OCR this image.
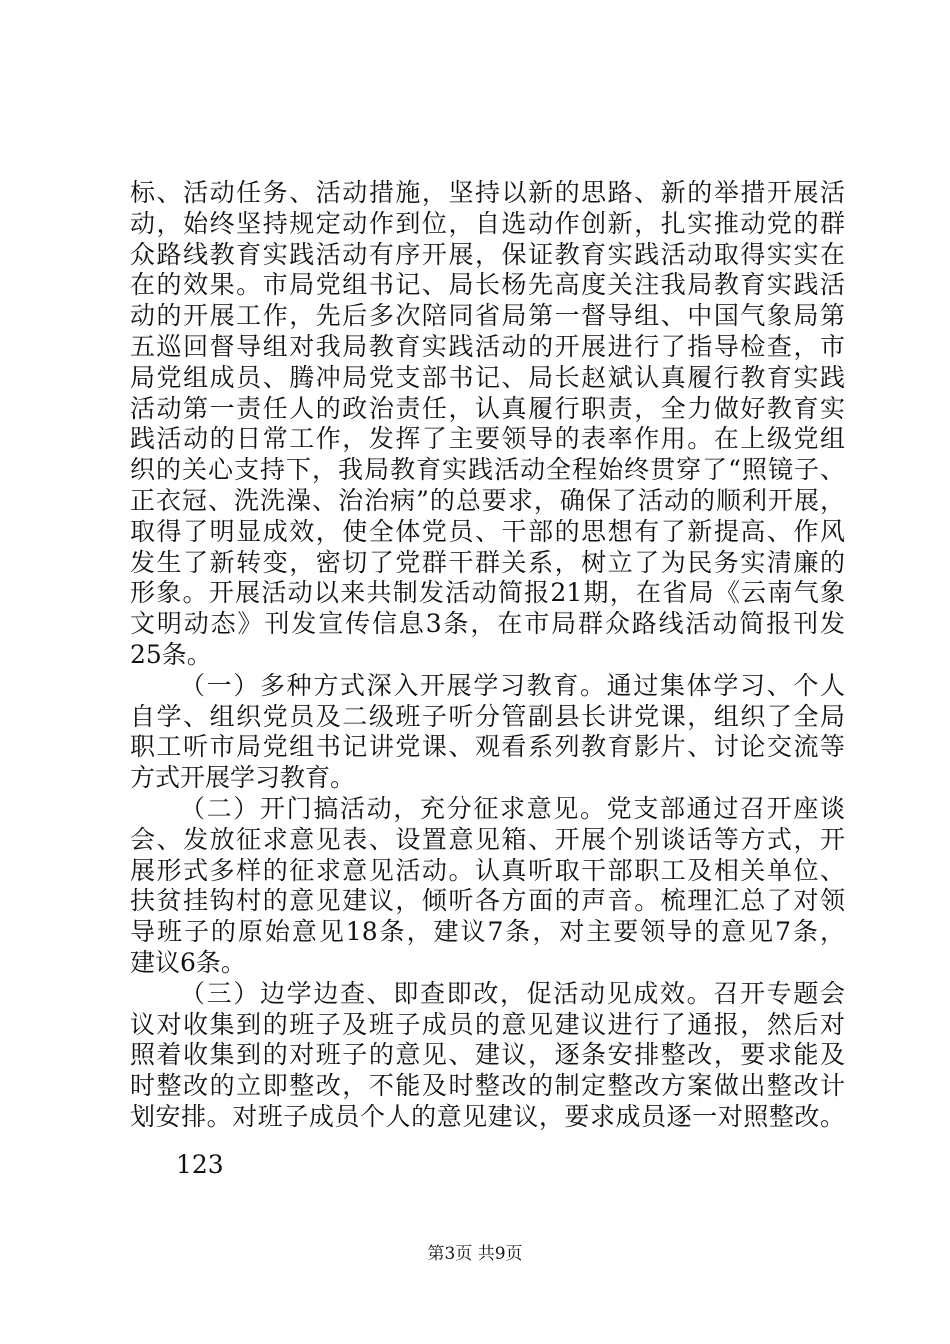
标、活动任务、活动措施，坚持以新的思路、新的举措开展活
动，始终坚持规定动作到位，自选动作创新，扎实推动党的群
众路线教育实践活动有序开展，保证教育实践活动取得实实在
在的效果。市局党组书记、局长杨先高度关注我局教育实践活
动的开展工作，先后多次陪同省局第一督导组、中国气象局第
五巡回督导组对我局教育实践活动的开展进行了指导检查，市
局党组成员、腾冲局党支部书记、局长赵斌认真履行教育实践
活动第一责任人的政治责任，认真履行职责，全力做好教育实
践活动的日常工作，发挥了主要领导的表率作用。在上级党组
织的关心支持下，我局教育实践活动全程始终贯穿了“照镜子、
正衣冠、洗洗澡、治治病”的总要求，确保了活动的顺利开展，
取得了明显成效，使全体党员、干部的思想有了新提高、作风
发生了新转变，密切了党群干群关系，树立了为民务实清廉的
形象。开展活动以来共制发活动简报21期，在省局《云南气象
文明动态》刊发宣传信息3条，在市局群众路线活动简报刊发
25条。
（一）多种方式深入开展学习教育。通过集体学习、个人
自学、组织党员及二级班子听分管副县长讲党课，组织了全局
职工听市局党组书记讲党课、观看系列教育影片、讨论交流等
方式开展学习教育。
（二）开门搞活动，充分征求意见。党支部通过召开座谈
会、发放征求意见表、设置意见箱、开展个别谈话等方式，开
展形式多样的征求意见活动。认真听取干部职工及相关单位、
扶贫挂钩村的意见建议，倾听各方面的声音。梳理汇总了对领
导班子的原始意见18条，建议7条，对主要领导的意见7条，
建议6条。
（三）边学边查、即查即改，促活动见成效。召开专题会
议对收集到的班子及班子成员的意见建议进行了通报，然后对
照着收集到的对班子的意见、建议，逐条安排整改，要求能及
时整改的立即整改，不能及时整改的制定整改方案做出整改计
划安排。对班子成员个人的意见建议，要求成员逐一对照整改。
123
第3页 共9页
